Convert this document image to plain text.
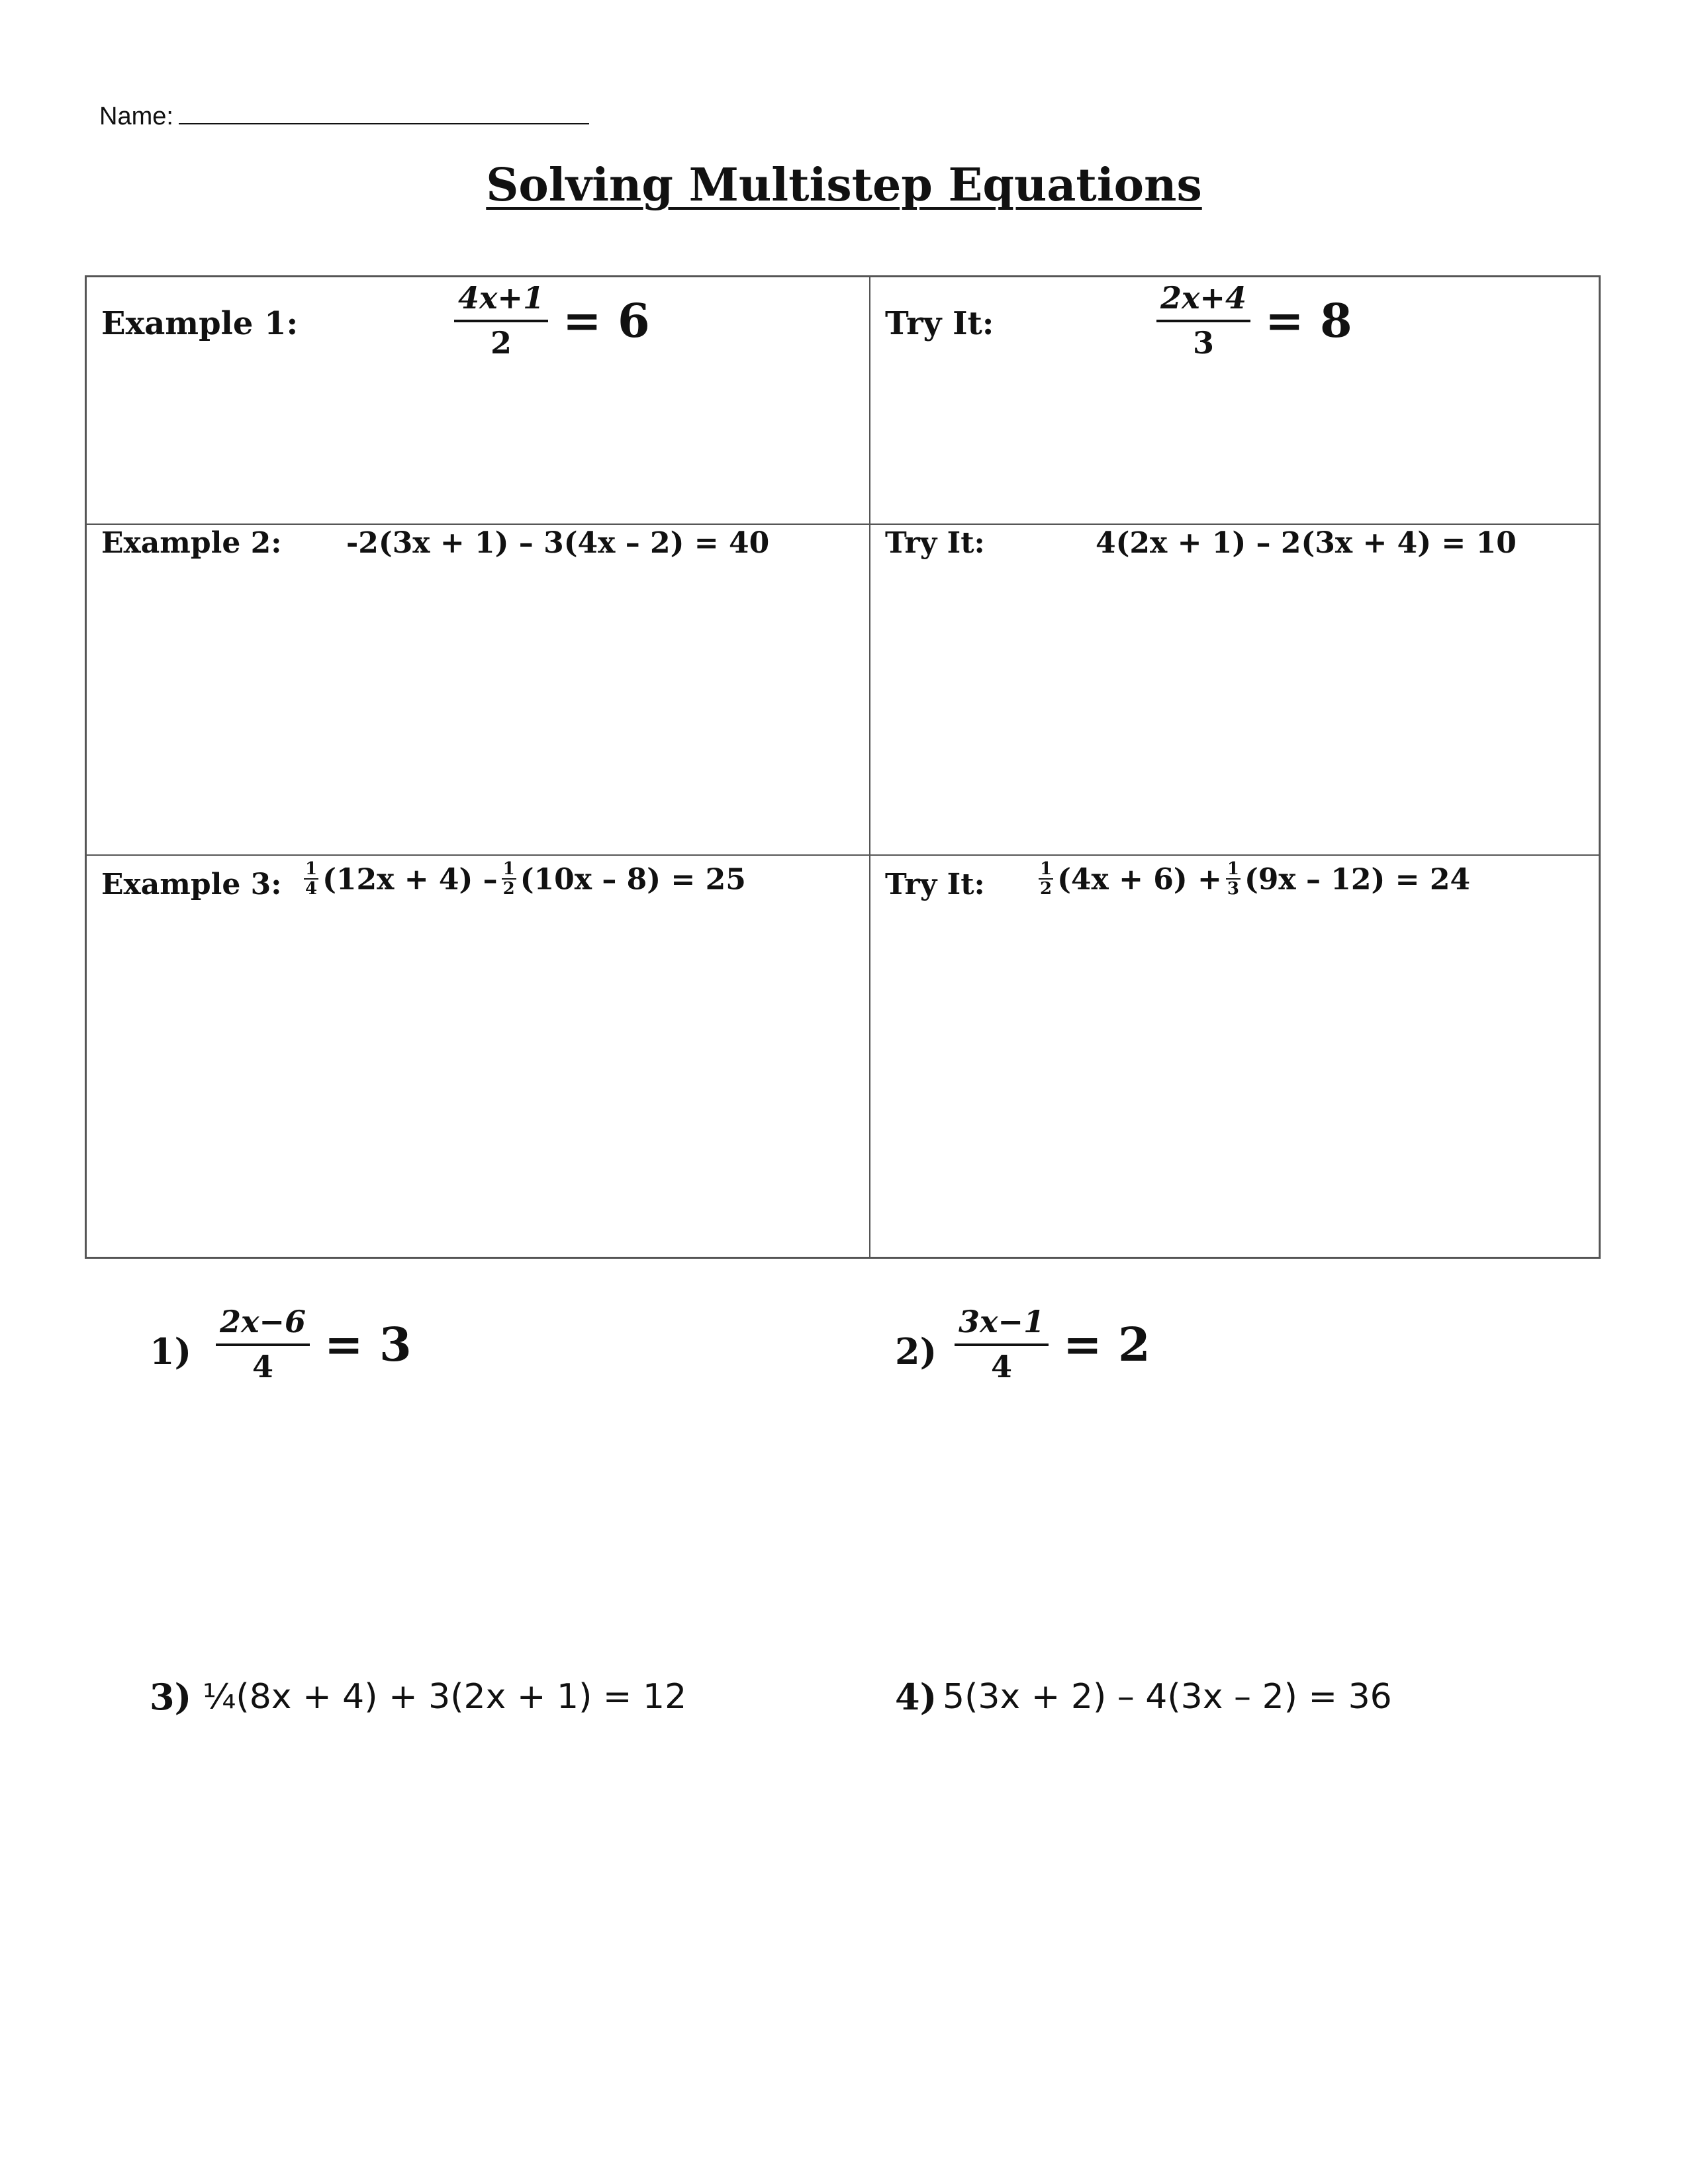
Name:
Solving Multistep Equations
Example 1:	$\frac{4x+1}{2} = 6$	Try It:	$\frac{2x+4}{3} = 8$
Example 2: -2(3x + 1) – 3(4x – 2) = 40	Try It:	4(2x + 1) – 2(3x + 4) = 10
Example 3: $\frac{1}{4} (12x + 4) - \frac{1}{2} (10x - 8) = 25$	Try It:	$\frac{1}{2} (4x + 6) + \frac{1}{3} (9x - 12) = 24$
$1) \frac{2x-6}{4} = 3$	$2) \frac{3x-1}{4} = 2$
3) ¼(8x + 4) + 3(2x + 1) = 12	4) 5(3x + 2) – 4(3x – 2) = 36
